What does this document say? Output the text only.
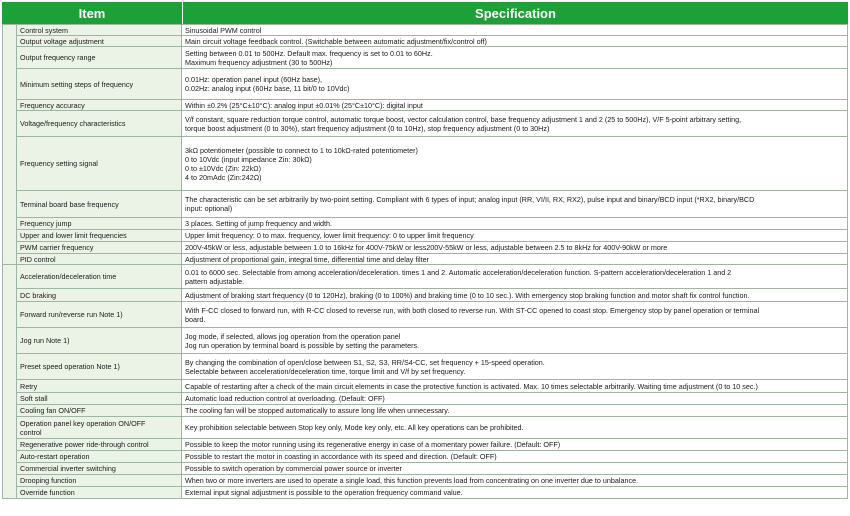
Item	Specification
	Control system	Sinusoidal PWM control
	Output voltage adjustment	Main circuit voltage feedback control. (Switchable between automatic adjustment/fix/control off)
	Output frequency range	Setting between 0.01 to 500Hz. Default max. frequency is set to 0.01 to 60Hz.
Maximum frequency adjustment (30 to 500Hz)

	Minimum setting steps of frequency	0.01Hz: operation panel input (60Hz base),
0.02Hz: analog input (60Hz base, 11 bit/0 to 10Vdc)

	Frequency accuracy	Within ±0.2% (25°C±10°C): analog input ±0.01% (25°C±10°C): digital input
	Voltage/frequency characteristics	V/f constant, square reduction torque control, automatic torque boost, vector calculation control, base frequency adjustment 1 and 2 (25 to 500Hz), V/F 5-point arbitrary setting,
torque boost adjustment (0 to 30%), start frequency adjustment (0 to 10Hz), stop frequency adjustment (0 to 30Hz)

	Frequency setting signal	3kΩ potentiometer (possible to connect to 1 to 10kΩ-rated potentiometer)
0 to 10Vdc (input impedance Zin: 30kΩ)
0 to ±10Vdc (Zin: 22kΩ)
4 to 20mAdc (Zin:242Ω)

	Terminal board base frequency	The characteristic can be set arbitrarily by two-point setting. Compliant with 6 types of input; analog input (RR, VI/II, RX, RX2), pulse input and binary/BCD input (*RX2, binary/BCD
input: optional)

	Frequency jump	3 places. Setting of jump frequency and width.
	Upper and lower limit frequencies	Upper limit frequency: 0 to max. frequency, lower limit frequency: 0 to upper limit frequency
	PWM carrier frequency	200V-45kW or less, adjustable between 1.0 to 16kHz for 400V-75kW or less200V-55kW or less, adjustable between 2.5 to 8kHz for 400V-90kW or more
	PID control	Adjustment of proportional gain, integral time, differential time and delay filter
	Acceleration/deceleration time	0.01 to 6000 sec. Selectable from among acceleration/deceleration. times 1 and 2. Automatic acceleration/deceleration function. S-pattern acceleration/deceleration 1 and 2
pattern adjustable.

	DC braking	Adjustment of braking start frequency (0 to 120Hz), braking (0 to 100%) and braking time (0 to 10 sec.). With emergency stop braking function and motor shaft fix control function.
	Forward run/reverse run Note 1)	With F-CC closed to forward run, with R-CC closed to reverse run, with both closed to reverse run. With ST-CC opened to coast stop. Emergency stop by panel operation or terminal
board.

	Jog run Note 1)	Jog mode, if selected, allows jog operation from the operation panel
Jog run operation by terminal board is possible by setting the parameters.

	Preset speed operation Note 1)	By changing the combination of open/close between S1, S2, S3, RR/S4-CC, set frequency + 15-speed operation.
Selectable between acceleration/deceleration time, torque limit and V/f by set frequency.

	Retry	Capable of restarting after a check of the main circuit elements in case the protective function is activated. Max. 10 times selectable arbitrarily. Waiting time adjustment (0 to 10 sec.)
	Soft stall	Automatic load reduction control at overloading. (Default: OFF)
	Cooling fan ON/OFF	The cooling fan will be stopped automatically to assure long life when unnecessary.

	Operation panel key operation ON/OFF
control	Key prohibition selectable between Stop key only, Mode key only, etc. All key operations can be prohibited.
	Regenerative power ride-through control	Possible to keep the motor running using its regenerative energy in case of a momentary power failure. (Default: OFF)
	Auto-restart operation	Possible to restart the motor in coasting in accordance with its speed and direction. (Default: OFF)
	Commercial inverter switching	Possible to switch operation by commercial power source or inverter
	Drooping function	When two or more inverters are used to operate a single load, this function prevents load from concentrating on one inverter due to unbalance.
	Override function	External input signal adjustment is possible to the operation frequency command value.
